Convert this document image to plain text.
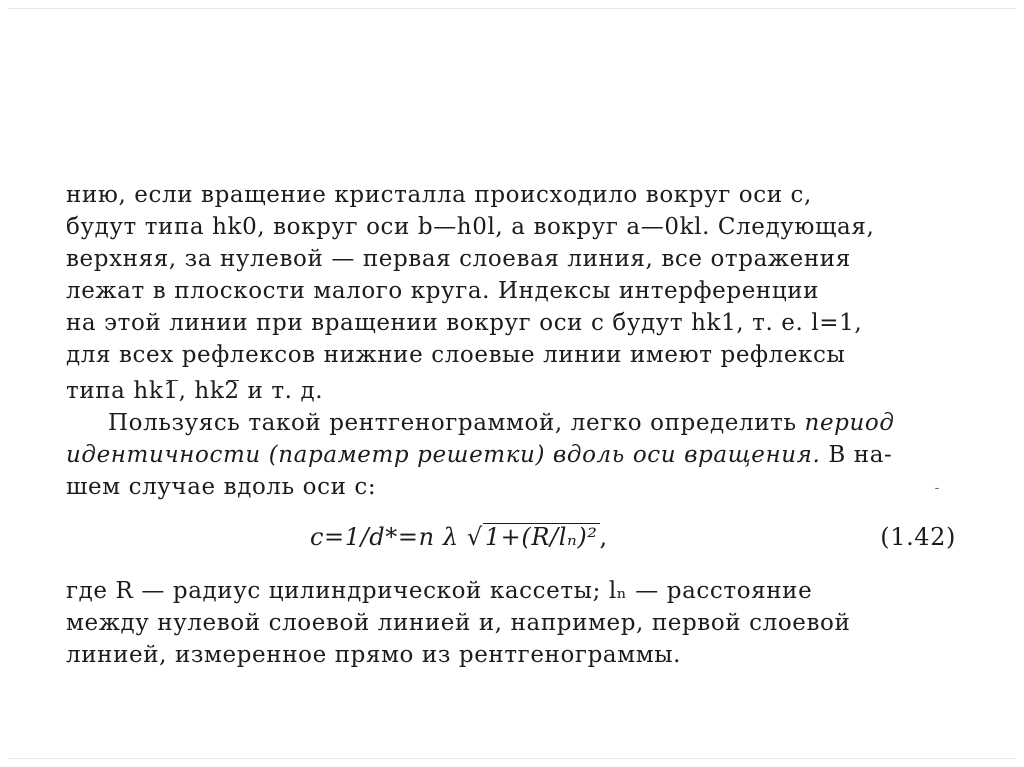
нию, если вращение кристалла происходило вокруг оси c,
будут типа hk0, вокруг оси b—h0l, а вокруг a—0kl. Следующая,
верхняя, за нулевой — первая слоевая линия, все отражения
лежат в плоскости малого круга. Индексы интерференции
на этой линии при вращении вокруг оси c будут hk1, т. е. l=1,
для всех рефлексов нижние слоевые линии имеют рефлексы
типа hk1̅, hk2̅ и т. д.
Пользуясь такой рентгенограммой, легко определить период
идентичности (параметр решетки) вдоль оси вращения. В на-
шем случае вдоль оси c:	-
c=1/d*=n λ √1+(R/lₙ)²,	(1.42)
где R — радиус цилиндрической кассеты; lₙ — расстояние
между нулевой слоевой линией и, например, первой слоевой
линией, измеренное прямо из рентгенограммы.
